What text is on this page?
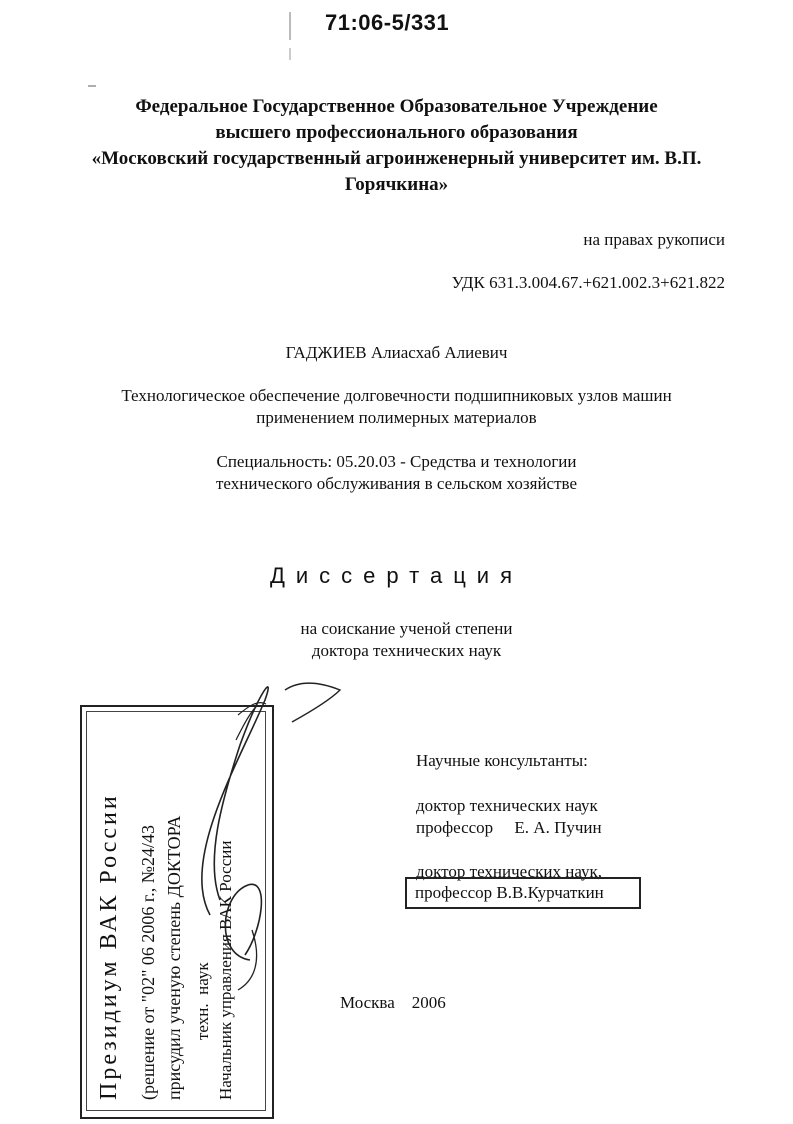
71:06-5/331
Федеральное Государственное Образовательное Учреждение
высшего профессионального образования
«Московский государственный агроинженерный университет им. В.П.
Горячкина»
на правах рукописи
УДК 631.3.004.67.+621.002.3+621.822
ГАДЖИЕВ Алиасхаб Алиевич
Технологическое обеспечение долговечности подшипниковых узлов машин
применением полимерных материалов
Специальность: 05.20.03 - Средства и технологии
технического обслуживания в сельском хозяйстве
Диссертация
на соискание ученой степени
доктора технических наук
Научные консультанты:
доктор технических наук
профессор     Е. А. Пучин
доктор технических наук,
профессор В.В.Курчаткин
Москва    2006
Президиум ВАК России (решение от "02" 06 2006 г., №24/43 присудил ученую степень ДОКТОРА техн.  наук Начальник управления ВАК России
